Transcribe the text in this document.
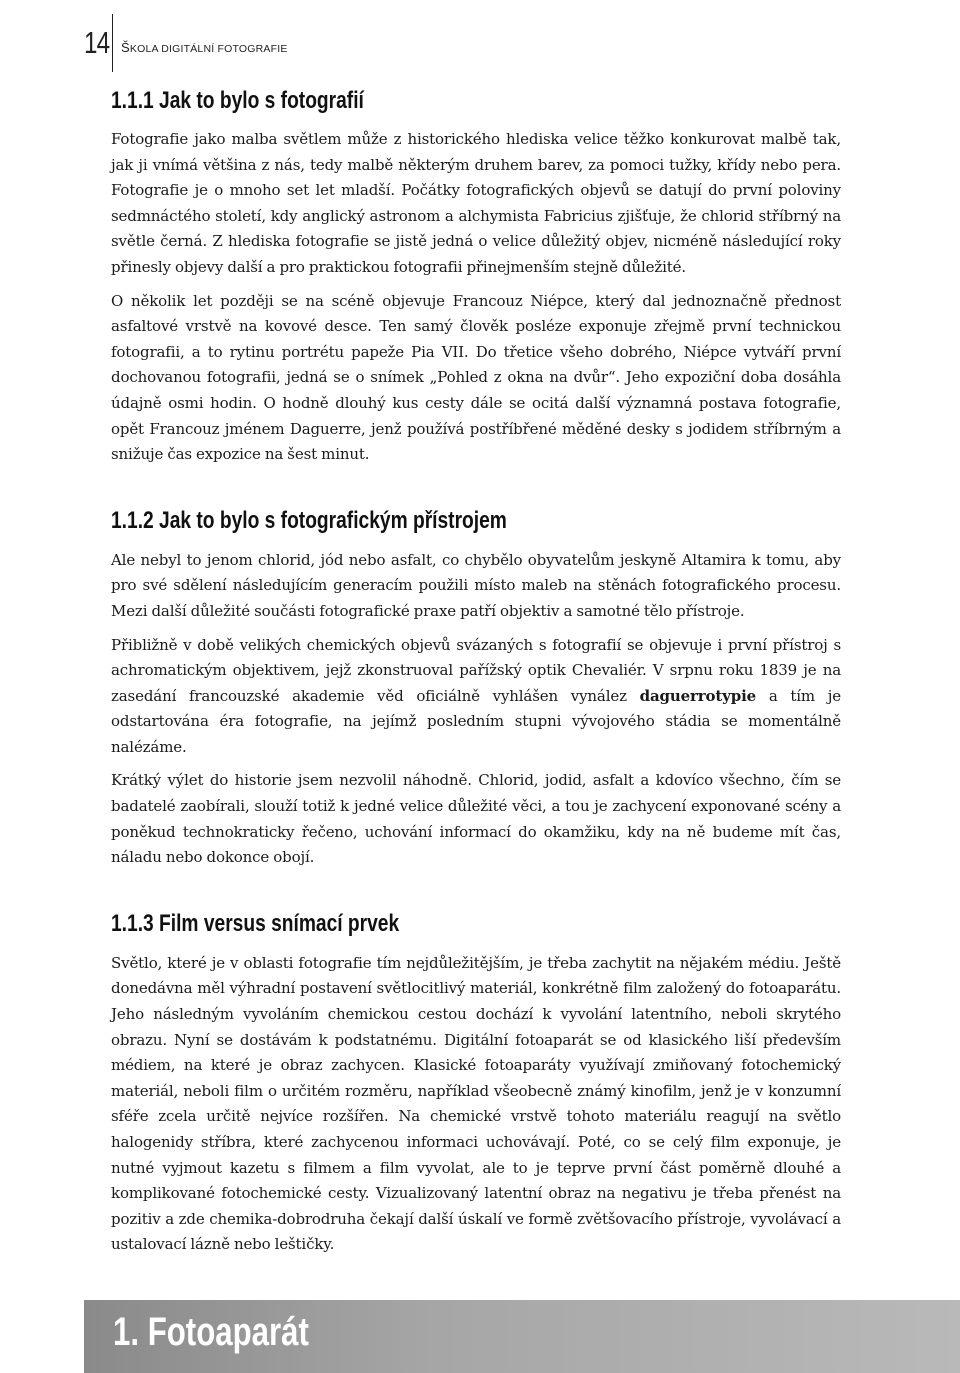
14 ŠKOLA DIGITÁLNÍ FOTOGRAFIE
1.1.1 Jak to bylo s fotografií

Fotografie jako malba světlem může z historického hlediska velice těžko konkurovat malbě tak, jak ji vnímá většina z nás, tedy malbě některým druhem barev, za pomoci tužky, křídy nebo pera. Fotografie je o mnoho set let mladší. Počátky fotografických objevů se datují do první poloviny sedmnáctého století, kdy anglický astronom a alchymista Fabricius zjišťuje, že chlorid stříbrný na světle černá. Z hlediska fotografie se jistě jedná o velice důležitý objev, nicméně následující roky přinesly objevy další a pro praktickou fotografii přinejmenším stejně důležité.

O několik let později se na scéně objevuje Francouz Niépce, který dal jednoznačně přednost asfaltové vrstvě na kovové desce. Ten samý člověk posléze exponuje zřejmě první technickou fotografii, a to rytinu portrétu papeže Pia VII. Do třetice všeho dobrého, Niépce vytváří první dochovanou fotografii, jedná se o snímek „Pohled z okna na dvůr“. Jeho expoziční doba dosáhla údajně osmi hodin. O hodně dlouhý kus cesty dále se ocitá další významná postava fotografie, opět Francouz jménem Daguerre, jenž používá postříbřené měděné desky s jodidem stříbrným a snižuje čas expozice na šest minut.

1.1.2 Jak to bylo s fotografickým přístrojem

Ale nebyl to jenom chlorid, jód nebo asfalt, co chybělo obyvatelům jeskyně Altamira k tomu, aby pro své sdělení následujícím generacím použili místo maleb na stěnách fotografického procesu. Mezi další důležité součásti fotografické praxe patří objektiv a samotné tělo přístroje.

Přibližně v době velikých chemických objevů svázaných s fotografií se objevuje i první přístroj s achromatickým objektivem, jejž zkonstruoval pařížský optik Chevaliér. V srpnu roku 1839 je na zasedání francouzské akademie věd oficiálně vyhlášen vynález daguerrotypie a tím je odstartována éra fotografie, na jejímž posledním stupni vývojového stádia se momentálně nalézáme.

Krátký výlet do historie jsem nezvolil náhodně. Chlorid, jodid, asfalt a kdovíco všechno, čím se badatelé zaobírali, slouží totiž k jedné velice důležité věci, a tou je zachycení exponované scény a poněkud technokraticky řečeno, uchování informací do okamžiku, kdy na ně budeme mít čas, náladu nebo dokonce obojí.

1.1.3 Film versus snímací prvek

Světlo, které je v oblasti fotografie tím nejdůležitějším, je třeba zachytit na nějakém médiu. Ještě donedávna měl výhradní postavení světlocitlivý materiál, konkrétně film založený do fotoaparátu. Jeho následným vyvoláním chemickou cestou dochází k vyvolání latentního, neboli skrytého obrazu. Nyní se dostávám k podstatnému. Digitální fotoaparát se od klasického liší především médiem, na které je obraz zachycen. Klasické fotoaparáty využívají zmiňovaný fotochemický materiál, neboli film o určitém rozměru, například všeobecně známý kinofilm, jenž je v konzumní sféře zcela určitě nejvíce rozšířen. Na chemické vrstvě tohoto materiálu reagují na světlo halogenidy stříbra, které zachycenou informaci uchovávají. Poté, co se celý film exponuje, je nutné vyjmout kazetu s filmem a film vyvolat, ale to je teprve první část poměrně dlouhé a komplikované fotochemické cesty. Vizualizovaný latentní obraz na negativu je třeba přenést na pozitiv a zde chemika-dobrodruha čekají další úskalí ve formě zvětšovacího přístroje, vyvolávací a ustalovací lázně nebo leštičky.

1. Fotoaparát
